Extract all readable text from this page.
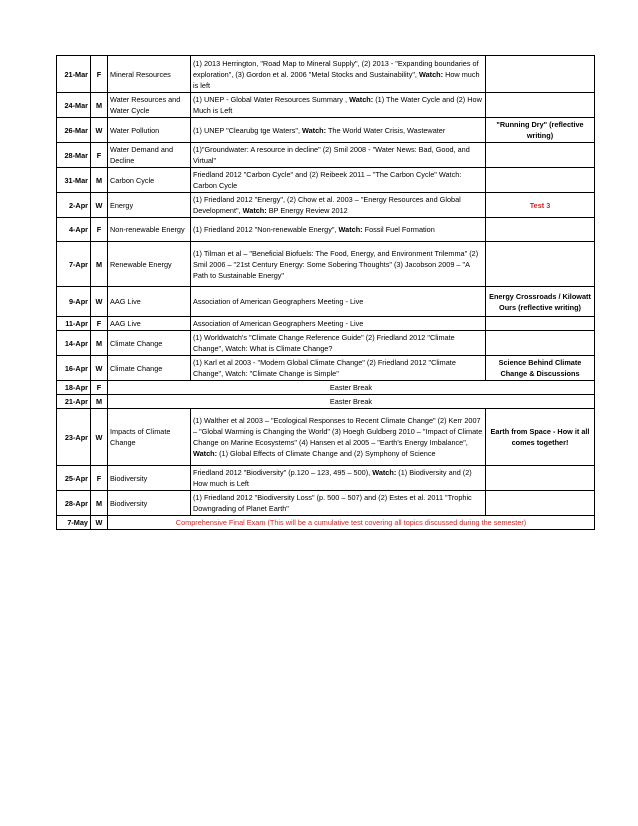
21-Mar	F	Mineral Resources	(1) 2013 Herrington, "Road Map to Mineral Supply", (2) 2013 - "Expanding boundaries of exploration", (3) Gordon et al. 2006 "Metal Stocks and Sustainability", Watch: How much is left	
24-Mar	M	Water Resources and Water Cycle	(1) UNEP - Global Water Resources Summary , Watch: (1) The Water Cycle and (2) How Much is Left	
26-Mar	W	Water Pollution	(1) UNEP "Clearubg tge Waters", Watch: The World Water Crisis, Wastewater	"Running Dry" (reflective writing)
28-Mar	F	Water Demand and Decline	(1)"Groundwater: A resource in decline" (2) Smil 2008 - "Water News: Bad, Good, and Virtual"	
31-Mar	M	Carbon Cycle	Friedland 2012 "Carbon Cycle" and (2) Reibeek 2011 – "The Carbon Cycle" Watch: Carbon Cycle	
2-Apr	W	Energy	(1) Friedland 2012 "Energy", (2) Chow et al. 2003 – "Energy Resources and Global Development", Watch: BP Energy Review 2012	Test 3
4-Apr	F	Non-renewable Energy	(1) Friedland 2012 "Non-renewable Energy", Watch: Fossil Fuel Formation	
7-Apr	M	Renewable Energy	(1) Tilman et al – "Beneficial Biofuels: The Food, Energy, and Environment Trilemma" (2) Smil 2006 – "21st Century Energy: Some Sobering Thoughts" (3) Jacobson 2009 – "A Path to Sustainable Energy"	
9-Apr	W	AAG Live	Association of American Geographers Meeting - Live	Energy Crossroads / Kilowatt Ours (reflective writing)
11-Apr	F	AAG Live	Association of American Geographers Meeting - Live	
14-Apr	M	Climate Change	(1) Worldwatch's "Climate Change Reference Guide" (2) Friedland 2012 "Climate Change", Watch: What is Climate Change?	
16-Apr	W	Climate Change	(1) Karl et al 2003 - "Modern Global Climate Change" (2) Friedland 2012 "Climate Change", Watch: "Climate Change is Simple"	Science Behind Climate Change & Discussions
18-Apr	F	Easter Break		
21-Apr	M	Easter Break		
23-Apr	W	Impacts of Climate Change	(1) Walther et al 2003 – "Ecological Responses to Recent Climate Change" (2) Kerr 2007 – "Global Warming is Changing the World" (3) Hoegh Guldberg 2010 – "Impact of Climate Change on Marine Ecosystems" (4) Hansen et al 2005 – "Earth's Energy Imbalance", Watch: (1) Global Effects of Climate Change and (2) Symphony of Science	Earth from Space - How it all comes together!
25-Apr	F	Biodiversity	Friedland 2012 "Biodiversity" (p.120 – 123, 495 – 500), Watch: (1) Biodiversity and (2) How much is Left	
28-Apr	M	Biodiversity	(1) Friedland 2012 "Biodiversity Loss" (p. 500 – 507) and (2) Estes et al. 2011 "Trophic Downgrading of Planet Earth"	
7-May	W	Comprehensive Final Exam (This will be a cumulative test covering all topics discussed during the semester)		
